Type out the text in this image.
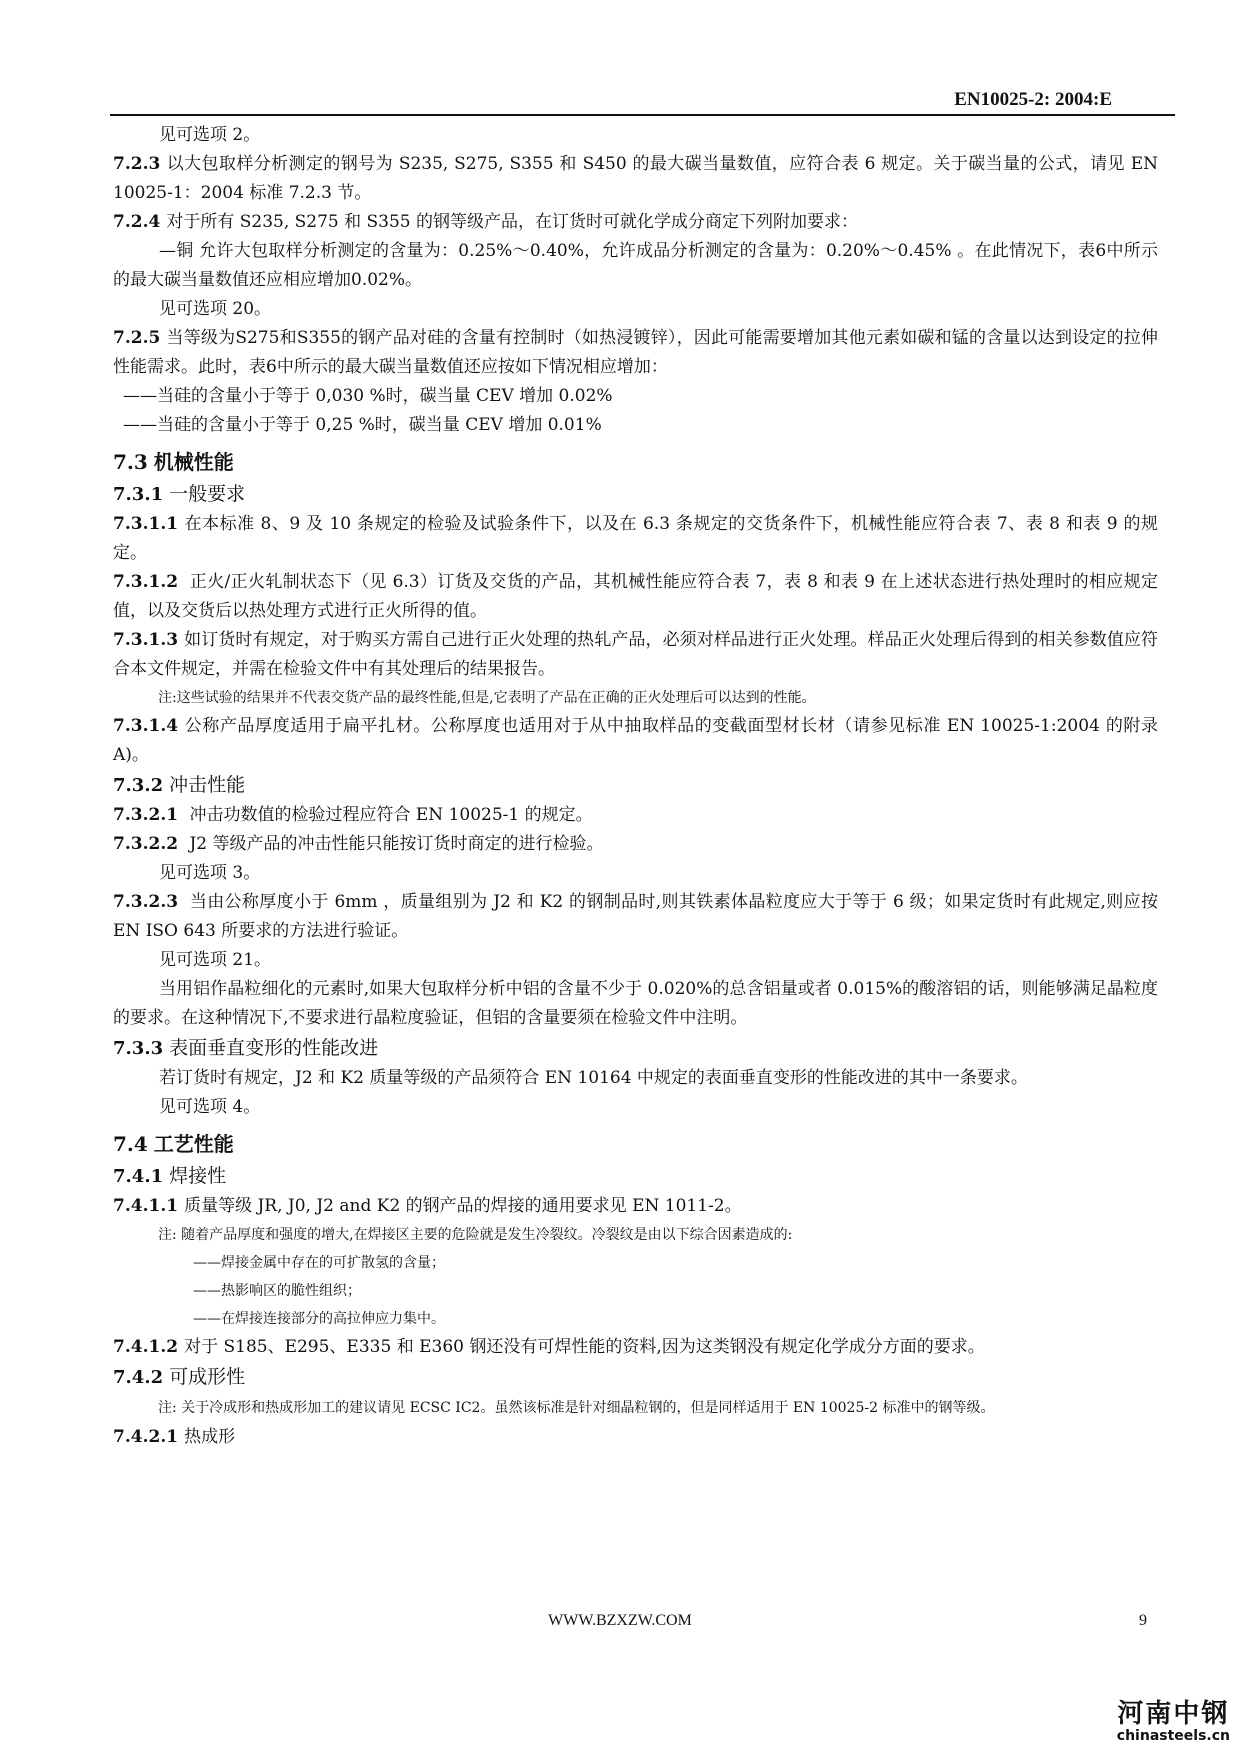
EN10025-2: 2004:E

见可选项 2。

7.2.3 以大包取样分析测定的钢号为 S235, S275, S355 和 S450 的最大碳当量数值，应符合表 6 规定。关于碳当量的公式，请见 EN 10025-1：2004 标准 7.2.3 节。

7.2.4 对于所有 S235, S275 和 S355 的钢等级产品，在订货时可就化学成分商定下列附加要求：

—铜 允许大包取样分析测定的含量为：0.25%～0.40%，允许成品分析测定的含量为：0.20%～0.45% 。在此情况下，表6中所示的最大碳当量数值还应相应增加0.02%。

见可选项 20。

7.2.5 当等级为S275和S355的钢产品对硅的含量有控制时（如热浸镀锌），因此可能需要增加其他元素如碳和锰的含量以达到设定的拉伸性能需求。此时，表6中所示的最大碳当量数值还应按如下情况相应增加：

——当硅的含量小于等于 0,030 %时，碳当量 CEV 增加 0.02%

——当硅的含量小于等于 0,25 %时，碳当量 CEV 增加 0.01%

7.3 机械性能

7.3.1 一般要求

7.3.1.1 在本标准 8、9 及 10 条规定的检验及试验条件下，以及在 6.3 条规定的交货条件下，机械性能应符合表 7、表 8 和表 9 的规定。

7.3.1.2 正火/正火轧制状态下（见 6.3）订货及交货的产品，其机械性能应符合表 7，表 8 和表 9 在上述状态进行热处理时的相应规定值，以及交货后以热处理方式进行正火所得的值。

7.3.1.3 如订货时有规定，对于购买方需自己进行正火处理的热轧产品，必须对样品进行正火处理。样品正火处理后得到的相关参数值应符合本文件规定，并需在检验文件中有其处理后的结果报告。

注:这些试验的结果并不代表交货产品的最终性能,但是,它表明了产品在正确的正火处理后可以达到的性能。

7.3.1.4 公称产品厚度适用于扁平扎材。公称厚度也适用对于从中抽取样品的变截面型材长材（请参见标准 EN 10025-1:2004 的附录 A)。

7.3.2 冲击性能

7.3.2.1 冲击功数值的检验过程应符合 EN 10025-1 的规定。

7.3.2.2 J2 等级产品的冲击性能只能按订货时商定的进行检验。

见可选项 3。

7.3.2.3 当由公称厚度小于 6mm ，质量组别为 J2 和 K2 的钢制品时,则其铁素体晶粒度应大于等于 6 级；如果定货时有此规定,则应按 EN ISO 643 所要求的方法进行验证。

见可选项 21。

当用铝作晶粒细化的元素时,如果大包取样分析中铝的含量不少于 0.020%的总含铝量或者 0.015%的酸溶铝的话，则能够满足晶粒度的要求。在这种情况下,不要求进行晶粒度验证，但铝的含量要须在检验文件中注明。

7.3.3 表面垂直变形的性能改进

若订货时有规定，J2 和 K2 质量等级的产品须符合 EN 10164 中规定的表面垂直变形的性能改进的其中一条要求。

见可选项 4。

7.4 工艺性能

7.4.1 焊接性

7.4.1.1 质量等级 JR, J0, J2 and K2 的钢产品的焊接的通用要求见 EN 1011-2。

注: 随着产品厚度和强度的增大,在焊接区主要的危险就是发生冷裂纹。冷裂纹是由以下综合因素造成的:

——焊接金属中存在的可扩散氢的含量；

——热影响区的脆性组织；

——在焊接连接部分的高拉伸应力集中。

7.4.1.2 对于 S185、E295、E335 和 E360 钢还没有可焊性能的资料,因为这类钢没有规定化学成分方面的要求。

7.4.2 可成形性

注: 关于冷成形和热成形加工的建议请见 ECSC IC2。虽然该标准是针对细晶粒钢的，但是同样适用于 EN 10025-2 标准中的钢等级。

7.4.2.1 热成形

WWW.BZXZW.COM	9
河南中钢
chinasteels.cn
